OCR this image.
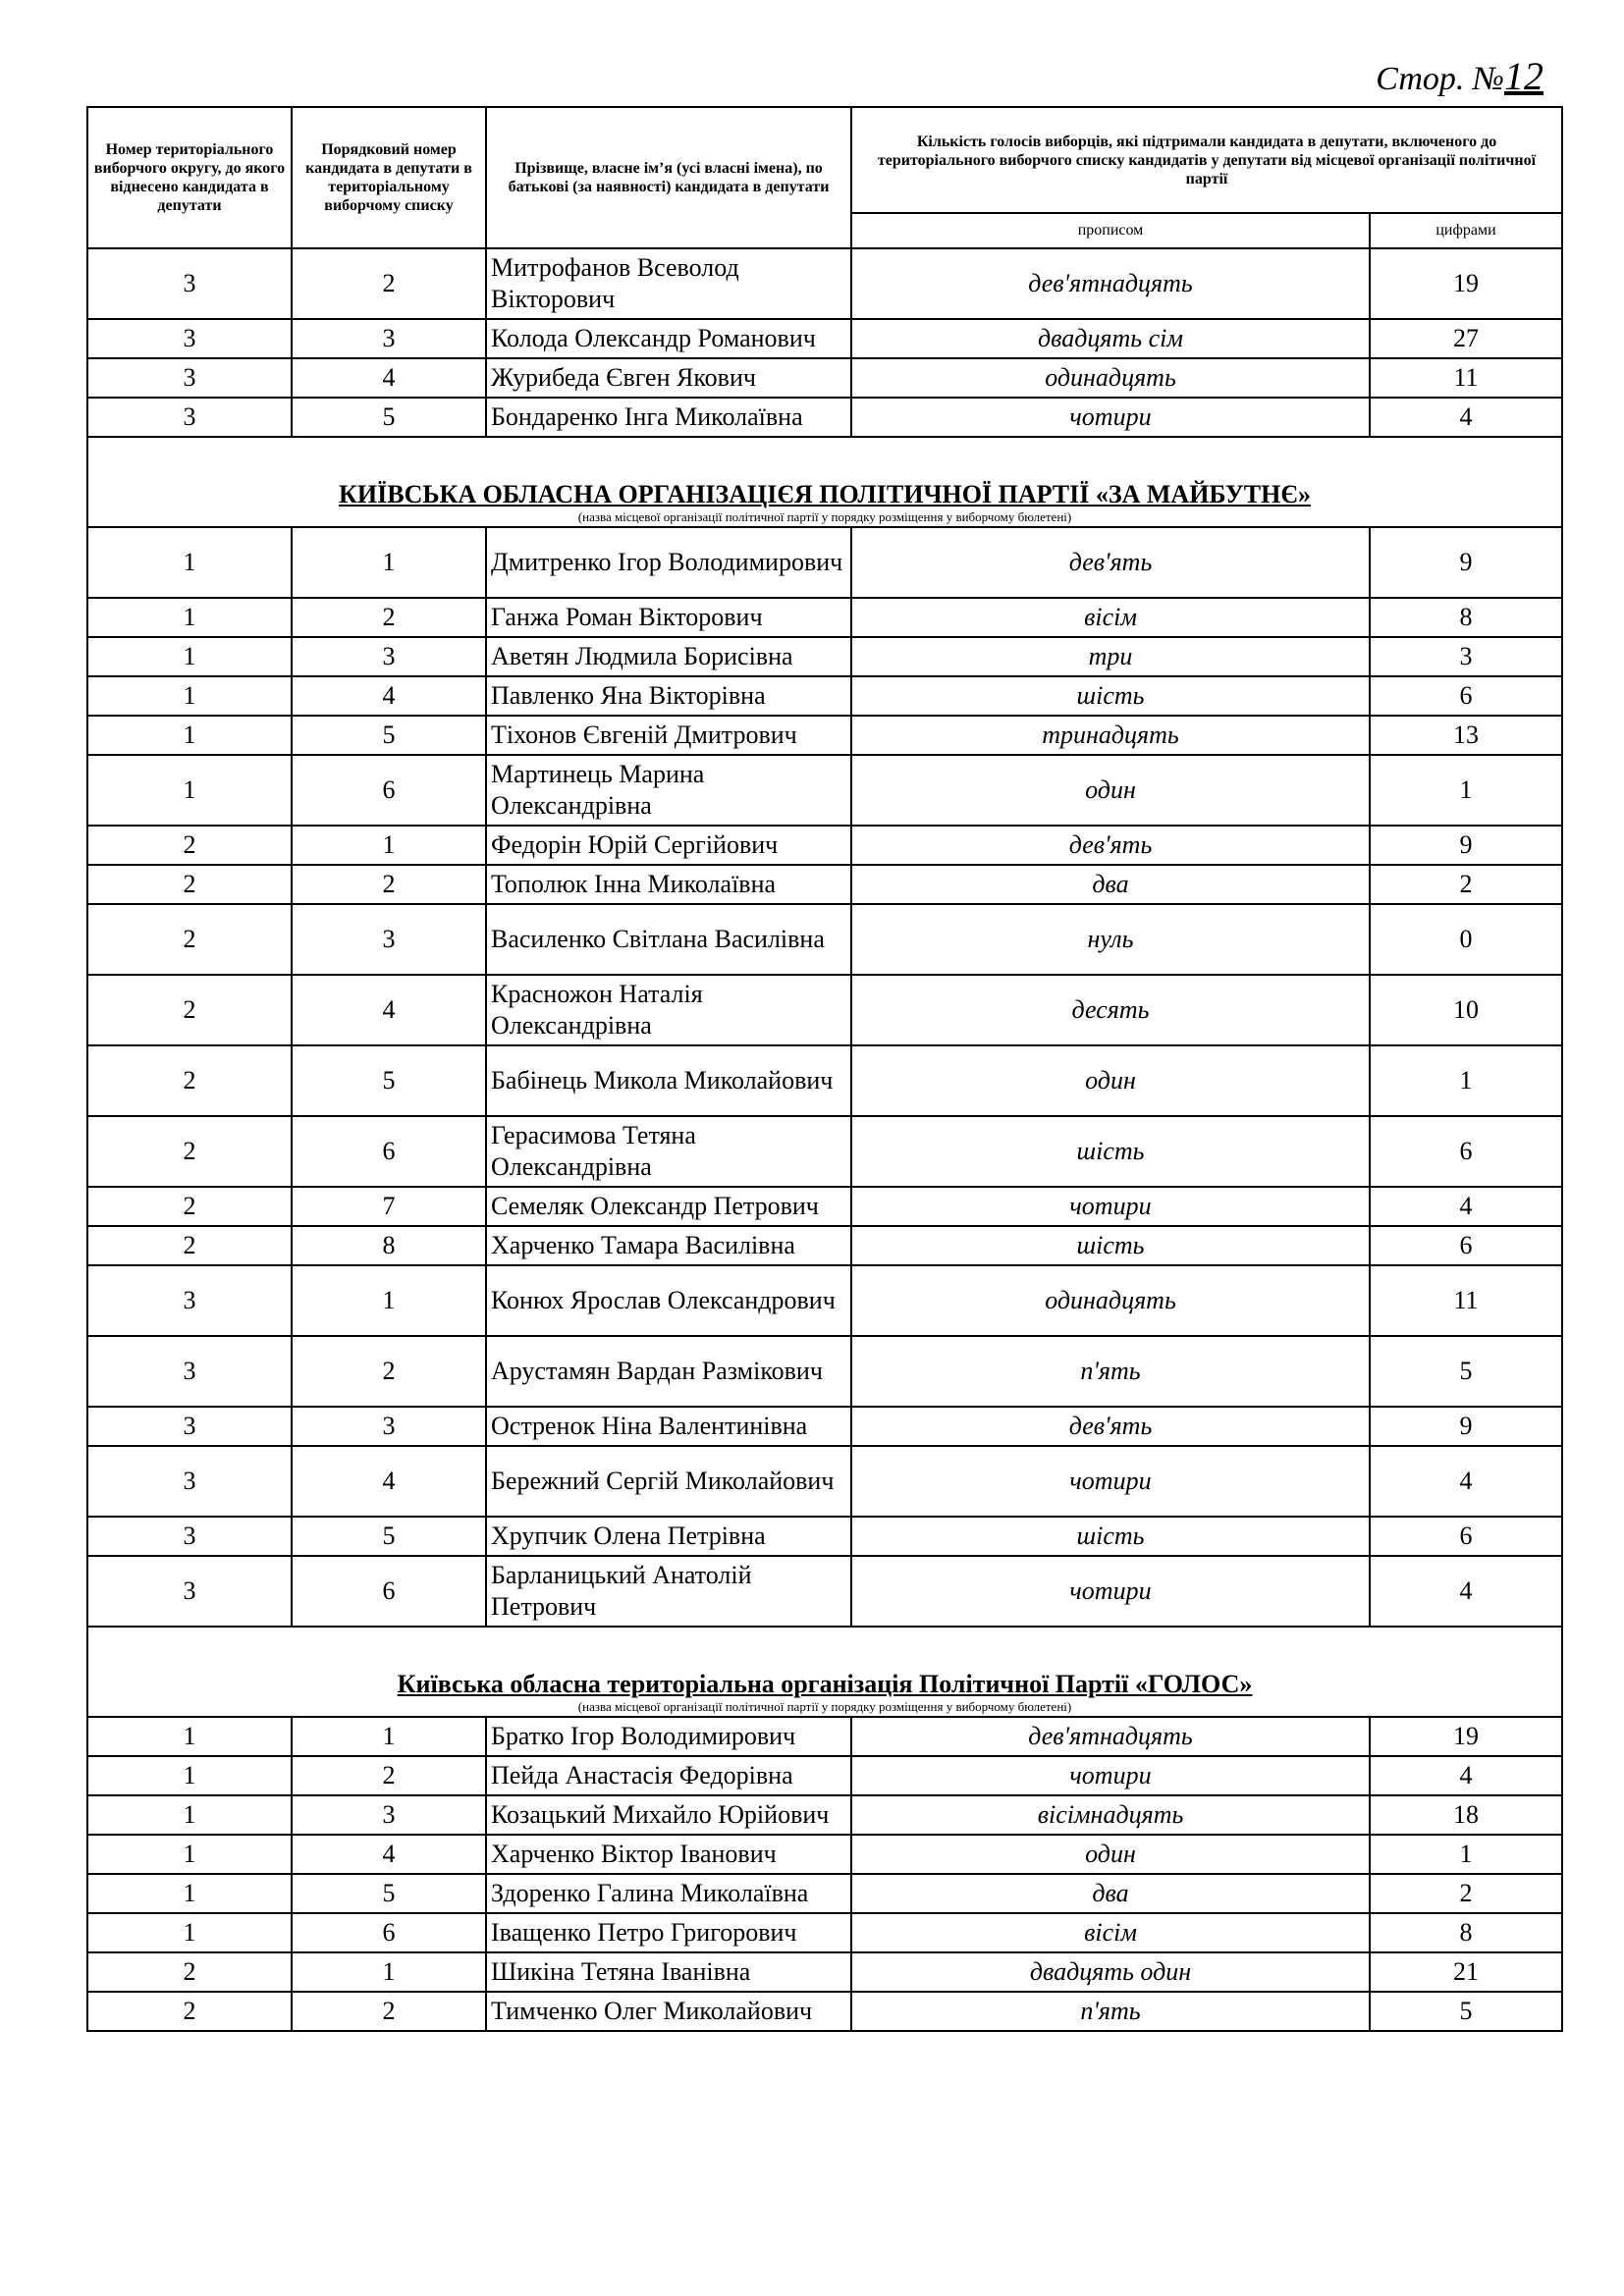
Стор. №12
Номер територіального виборчого округу, до якого віднесено кандидата в депутати	Порядковий номер кандидата в депутати в територіальному виборчому списку	Прізвище, власне ім’я (усі власні імена), по батькові (за наявності) кандидата в депутати	Кількість голосів виборців, які підтримали кандидата в депутати, включеного до територіального виборчого списку кандидатів у депутати від місцевої організації політичної партії	
			прописом	цифрами
3	2	Митрофанов Всеволод Вікторович	дев'ятнадцять	19
3	3	Колода Олександр Романович	двадцять сім	27
3	4	Журибеда Євген Якович	одинадцять	11
3	5	Бондаренко Інга Миколаївна	чотири	4

КИЇВСЬКА ОБЛАСНА ОРГАНІЗАЦІЄЯ ПОЛІТИЧНОЇ ПАРТІЇ «ЗА МАЙБУТНЄ»
(назва місцевої організації політичної партії у порядку розміщення у виборчому бюлетені)				

1	1	Дмитренко Ігор Володимирович	дев'ять	9
1	2	Ганжа Роман Вікторович	вісім	8
1	3	Аветян Людмила Борисівна	три	3
1	4	Павленко Яна Вікторівна	шість	6
1	5	Тіхонов Євгеній Дмитрович	тринадцять	13
1	6	Мартинець Марина Олександрівна	один	1
2	1	Федорін Юрій Сергійович	дев'ять	9
2	2	Тополюк Інна Миколаївна	два	2
2	3	Василенко Світлана Василівна	нуль	0
2	4	Красножон Наталія Олександрівна	десять	10
2	5	Бабінець Микола Миколайович	один	1
2	6	Герасимова Тетяна Олександрівна	шість	6
2	7	Семеляк Олександр Петрович	чотири	4
2	8	Харченко Тамара Василівна	шість	6
3	1	Конюх Ярослав Олександрович	одинадцять	11
3	2	Арустамян Вардан Размікович	п'ять	5
3	3	Остренок Ніна Валентинівна	дев'ять	9
3	4	Бережний Сергій Миколайович	чотири	4
3	5	Хрупчик Олена Петрівна	шість	6
3	6	Барланицький Анатолій Петрович	чотири	4

Київська обласна територіальна організація Політичної Партії «ГОЛОС»
(назва місцевої організації політичної партії у порядку розміщення у виборчому бюлетені)				

1	1	Братко Ігор Володимирович	дев'ятнадцять	19
1	2	Пейда Анастасія Федорівна	чотири	4
1	3	Козацький Михайло Юрійович	вісімнадцять	18
1	4	Харченко Віктор Іванович	один	1
1	5	Здоренко Галина Миколаївна	два	2
1	6	Іващенко Петро Григорович	вісім	8
2	1	Шикіна Тетяна Іванівна	двадцять один	21
2	2	Тимченко Олег Миколайович	п'ять	5
